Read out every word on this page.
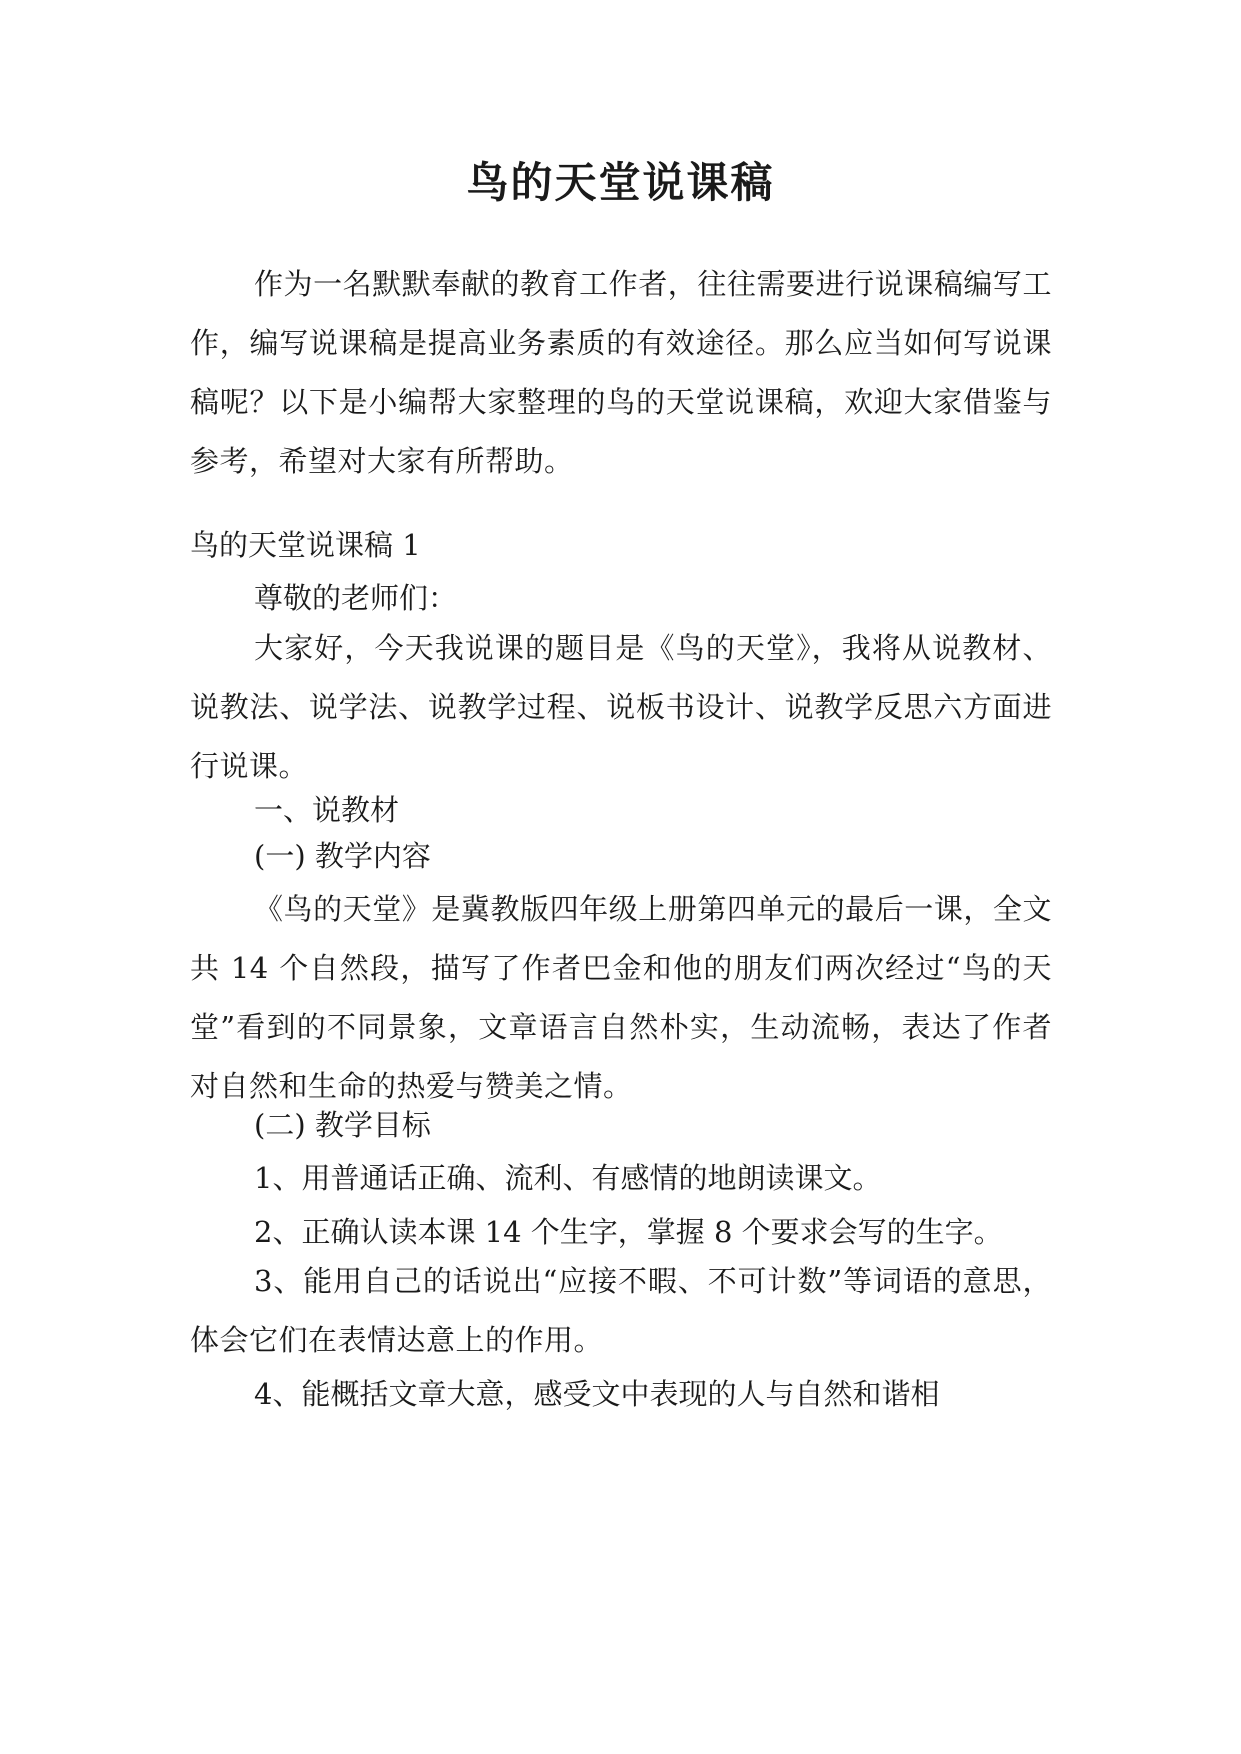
鸟的天堂说课稿
作为一名默默奉献的教育工作者，往往需要进行说课稿编写工作，编写说课稿是提高业务素质的有效途径。那么应当如何写说课稿呢？以下是小编帮大家整理的鸟的天堂说课稿，欢迎大家借鉴与参考，希望对大家有所帮助。
鸟的天堂说课稿 1
尊敬的老师们：
大家好，今天我说课的题目是《鸟的天堂》，我将从说教材、说教法、说学法、说教学过程、说板书设计、说教学反思六方面进行说课。
一、说教材
(一) 教学内容
《鸟的天堂》是冀教版四年级上册第四单元的最后一课，全文共 14 个自然段，描写了作者巴金和他的朋友们两次经过“鸟的天堂”看到的不同景象，文章语言自然朴实，生动流畅，表达了作者对自然和生命的热爱与赞美之情。
(二) 教学目标
1、用普通话正确、流利、有感情的地朗读课文。
2、正确认读本课 14 个生字，掌握 8 个要求会写的生字。
3、能用自己的话说出“应接不暇、不可计数”等词语的意思，体会它们在表情达意上的作用。
4、能概括文章大意，感受文中表现的人与自然和谐相
